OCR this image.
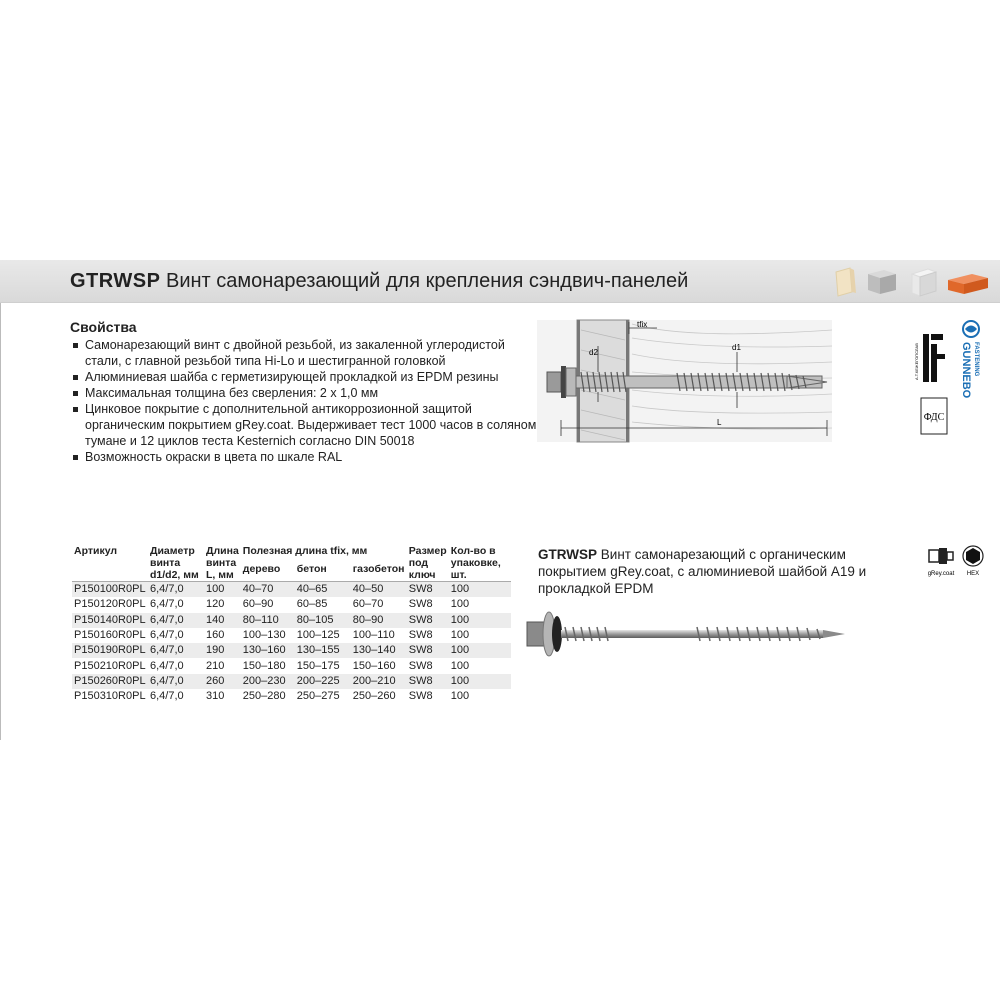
GTRWSP Винт самонарезающий для крепления сэндвич-панелей
Свойства
Самонарезающий винт с двойной резьбой, из закаленной углеродистой стали, с главной резьбой типа Hi-Lo и шестигранной головкой
Алюминиевая шайба с герметизирующей прокладкой из EPDM резины
Максимальная толщина без сверления: 2 x 1,0 мм
Цинковое покрытие с дополнительной антикоррозионной защитой органическим покрытием gRey.coat. Выдерживает тест 1000 часов в соляном тумане и 12 циклов теста Kesternich согласно DIN 50018
Возможность окраски в цвета по шкале RAL
tfix
d2
d1
L
А.Т.КЕЖЕГОПСЛАВ
ФДС
GUNNEBO FASTENING
Артикул	Диаметр винта d1/d2, мм	Длина винта L, мм	Полезная длина tfix, мм			Размер под ключ	Кол-во в упаковке, шт.
			дерево	бетон	газобетон		
P150100R0PL	6,4/7,0	100	40–70	40–65	40–50	SW8	100
P150120R0PL	6,4/7,0	120	60–90	60–85	60–70	SW8	100
P150140R0PL	6,4/7,0	140	80–110	80–105	80–90	SW8	100
P150160R0PL	6,4/7,0	160	100–130	100–125	100–110	SW8	100
P150190R0PL	6,4/7,0	190	130–160	130–155	130–140	SW8	100
P150210R0PL	6,4/7,0	210	150–180	150–175	150–160	SW8	100
P150260R0PL	6,4/7,0	260	200–230	200–225	200–210	SW8	100
P150310R0PL	6,4/7,0	310	250–280	250–275	250–260	SW8	100
GTRWSP Винт самонарезающий с органическим покрытием gRey.coat, с алюминиевой шайбой A19 и прокладкой EPDM
gRey.coat HEX
